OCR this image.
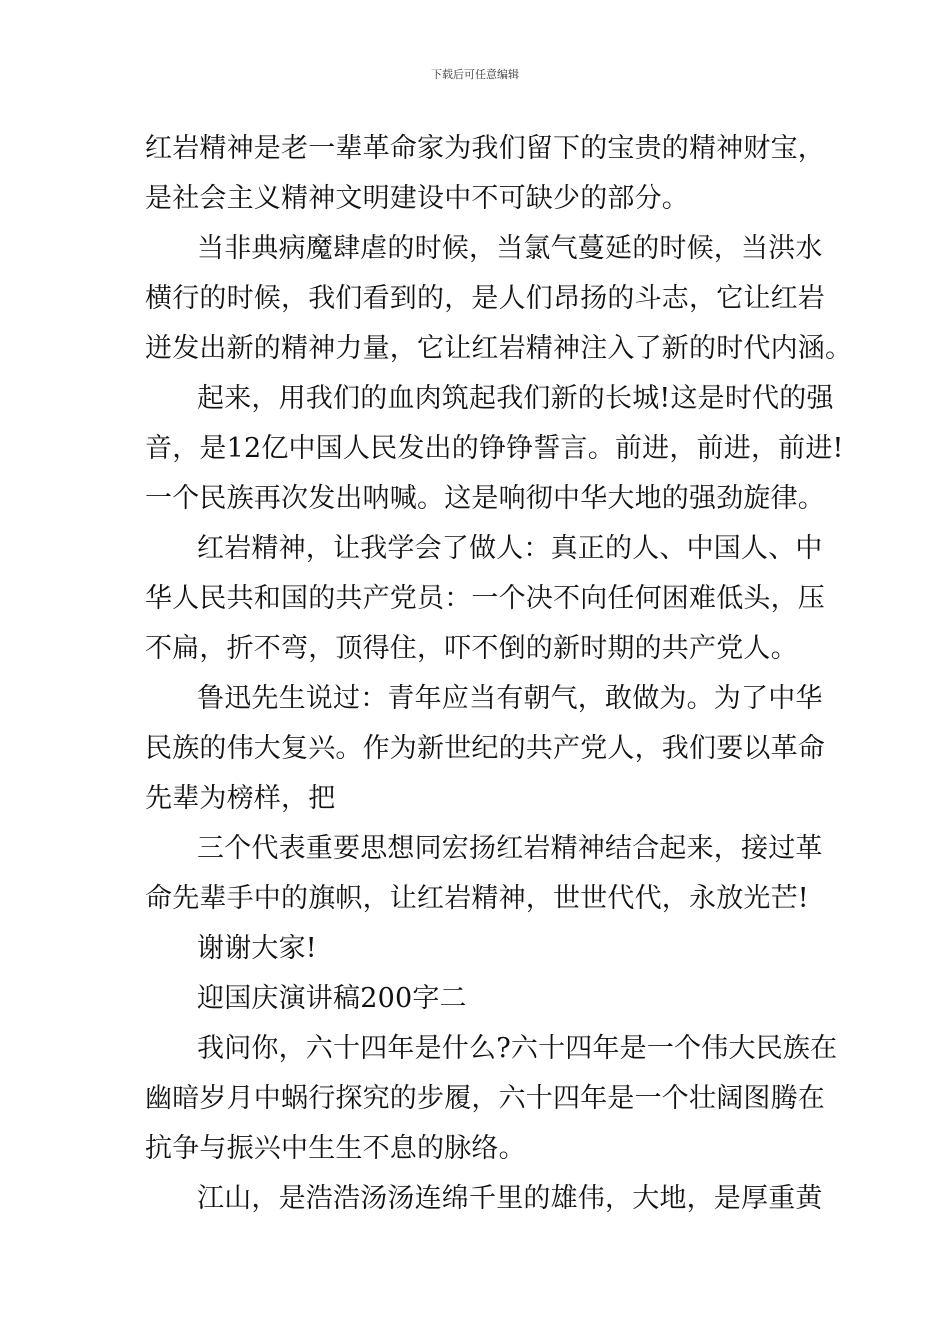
下载后可任意编辑
红岩精神是老一辈革命家为我们留下的宝贵的精神财宝，
是社会主义精神文明建设中不可缺少的部分。
当非典病魔肆虐的时候，当氯气蔓延的时候，当洪水
横行的时候，我们看到的，是人们昂扬的斗志，它让红岩
迸发出新的精神力量，它让红岩精神注入了新的时代内涵。
起来，用我们的血肉筑起我们新的长城!这是时代的强
音，是12亿中国人民发出的铮铮誓言。前进，前进，前进!
一个民族再次发出呐喊。这是响彻中华大地的强劲旋律。
红岩精神，让我学会了做人：真正的人、中国人、中
华人民共和国的共产党员：一个决不向任何困难低头，压
不扁，折不弯，顶得住，吓不倒的新时期的共产党人。
鲁迅先生说过：青年应当有朝气，敢做为。为了中华
民族的伟大复兴。作为新世纪的共产党人，我们要以革命
先辈为榜样，把
三个代表重要思想同宏扬红岩精神结合起来，接过革
命先辈手中的旗帜，让红岩精神，世世代代，永放光芒!
谢谢大家!
迎国庆演讲稿200字二
我问你，六十四年是什么?六十四年是一个伟大民族在
幽暗岁月中蜗行探究的步履，六十四年是一个壮阔图腾在
抗争与振兴中生生不息的脉络。
江山，是浩浩汤汤连绵千里的雄伟，大地，是厚重黄
